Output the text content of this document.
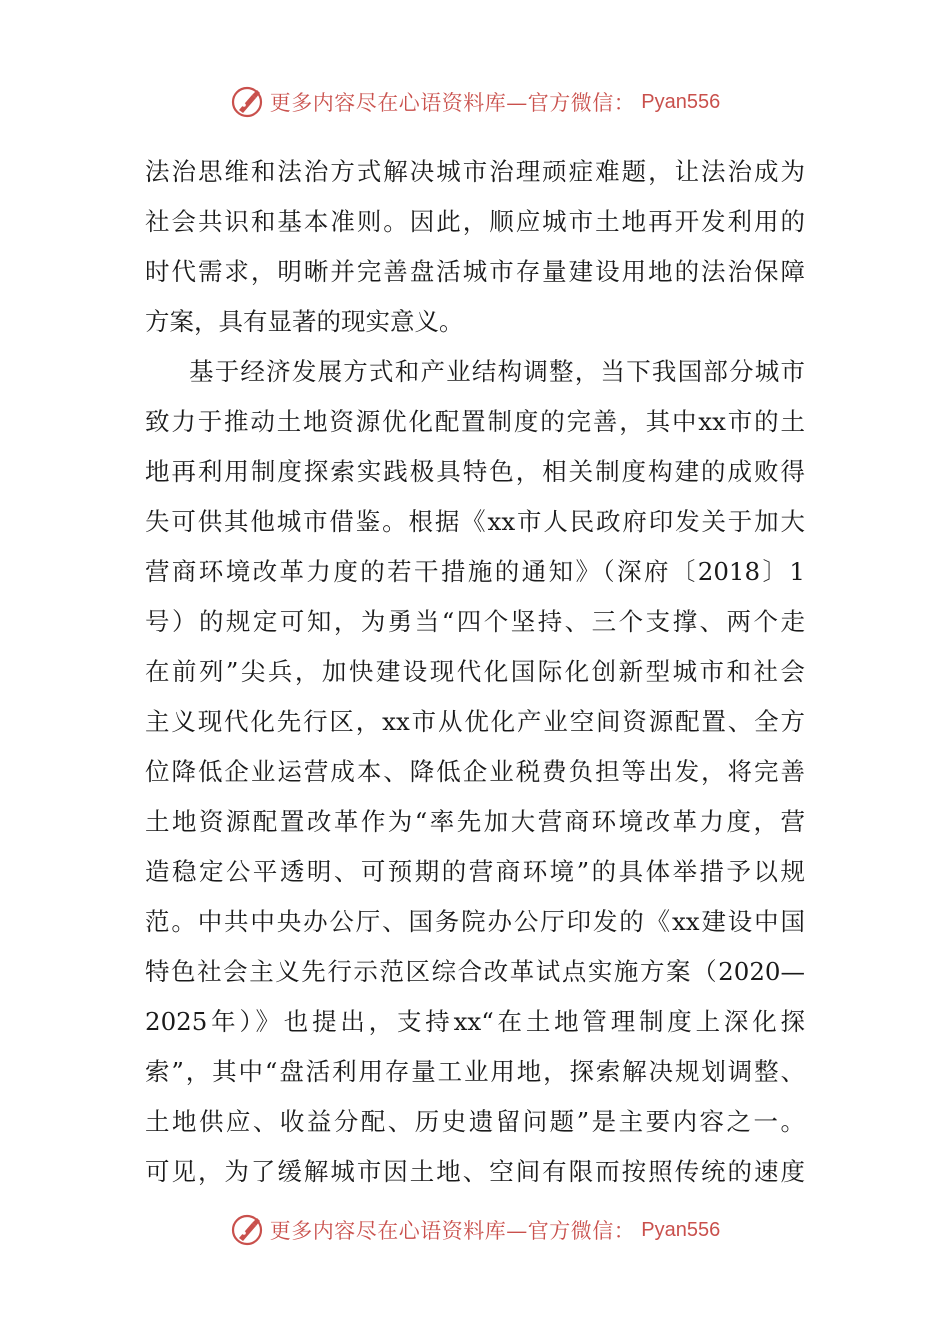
更多内容尽在心语资料库—官方微信： Pyan556
法治思维和法治方式解决城市治理顽症难题，让法治成为
社会共识和基本准则。因此，顺应城市土地再开发利用的
时代需求，明晰并完善盘活城市存量建设用地的法治保障
方案，具有显著的现实意义。
基于经济发展方式和产业结构调整，当下我国部分城市
致力于推动土地资源优化配置制度的完善，其中xx市的土
地再利用制度探索实践极具特色，相关制度构建的成败得
失可供其他城市借鉴。根据《xx市人民政府印发关于加大
营商环境改革力度的若干措施的通知》（深府〔2018〕1
号）的规定可知，为勇当“四个坚持、三个支撑、两个走
在前列”尖兵，加快建设现代化国际化创新型城市和社会
主义现代化先行区，xx市从优化产业空间资源配置、全方
位降低企业运营成本、降低企业税费负担等出发，将完善
土地资源配置改革作为“率先加大营商环境改革力度，营
造稳定公平透明、可预期的营商环境”的具体举措予以规
范。中共中央办公厅、国务院办公厅印发的《xx建设中国
特色社会主义先行示范区综合改革试点实施方案（2020—
2025年）》也提出，支持xx“在土地管理制度上深化探
索”，其中“盘活利用存量工业用地，探索解决规划调整、
土地供应、收益分配、历史遗留问题”是主要内容之一。
可见，为了缓解城市因土地、空间有限而按照传统的速度
更多内容尽在心语资料库—官方微信： Pyan556
